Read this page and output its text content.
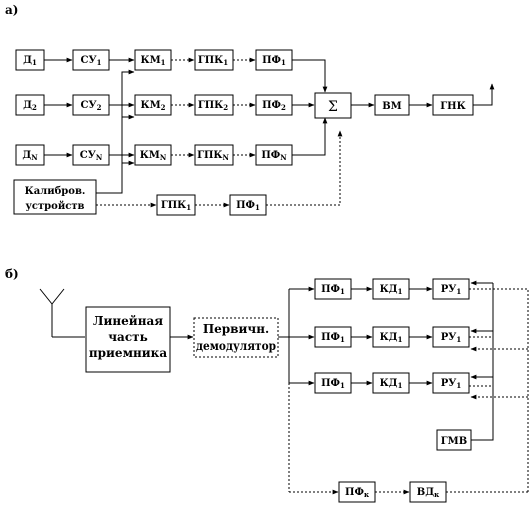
а)
$Д_1$	$СУ_1$	$КМ_1$	$ГПК_1$	$ПФ_1$
$Д_2$	$СУ_2$	$КМ_2$	$ГПК_2$	$ПФ_2$
$Д_N$	$СУ_N$	$КМ_N$	$ГПК_N$	$ПФ_N$
Σ	ВМ	ГНК
Калибров.
устройств	$ГПК_1$	$ПФ_1$
б)
Линейная
часть
приемника
Первичн.
демодулятор
$ПФ_1$	$КД_1$	$РУ_1$
$ПФ_1$	$КД_1$	$РУ_1$
$ПФ_1$	$КД_1$	$РУ_1$
ГМВ
$ПФ_к$	$ВД_к$
